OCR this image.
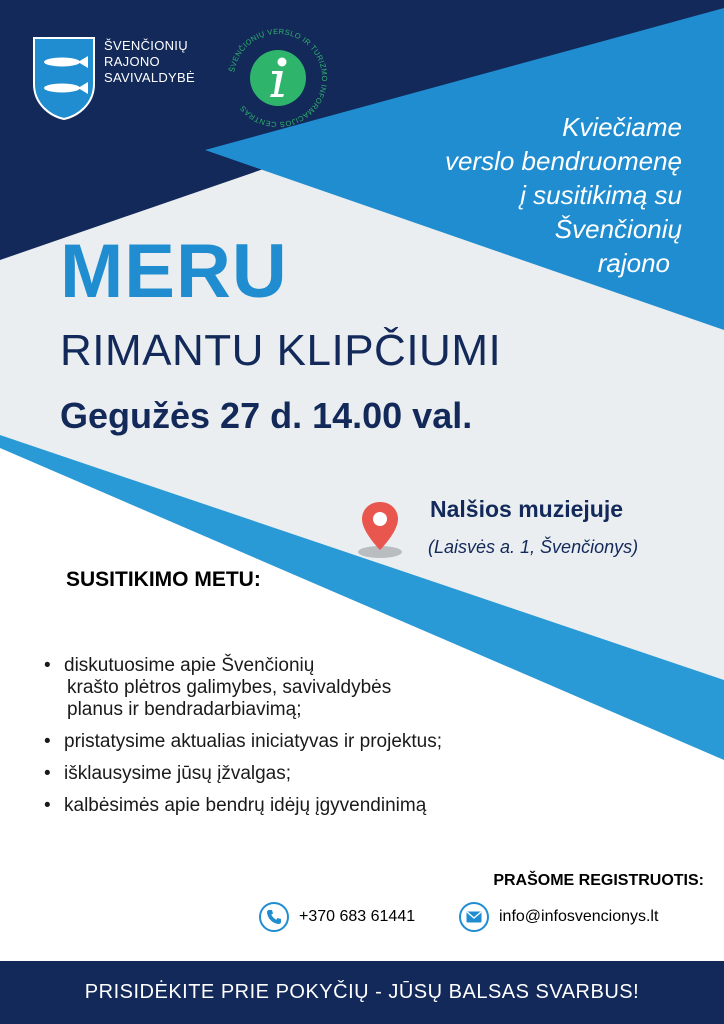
ŠVENČIONIŲ RAJONO SAVIVALDYBĖ
ŠVENČIONIŲ VERSLO IR TURIZMO INFORMACIJOS CENTRAS
Kviečiame
verslo bendruomenę
į susitikimą su
Švenčionių
rajono
MERU
RIMANTU KLIPČIUMI
Gegužės 27 d. 14.00 val.
Nalšios muziejuje
(Laisvės a. 1, Švenčionys)
SUSITIKIMO METU:
• diskutuosime apie Švenčionių
krašto plėtros galimybes, savivaldybės
planus ir bendradarbiavimą;
• pristatysime aktualias iniciatyvas ir projektus;
• išklausysime jūsų įžvalgas;
• kalbėsimės apie bendrų idėjų įgyvendinimą
PRAŠOME REGISTRUOTIS:
+370 683 61441	info@infosvencionys.lt
PRISIDĖKITE PRIE POKYČIŲ - JŪSŲ BALSAS SVARBUS!
